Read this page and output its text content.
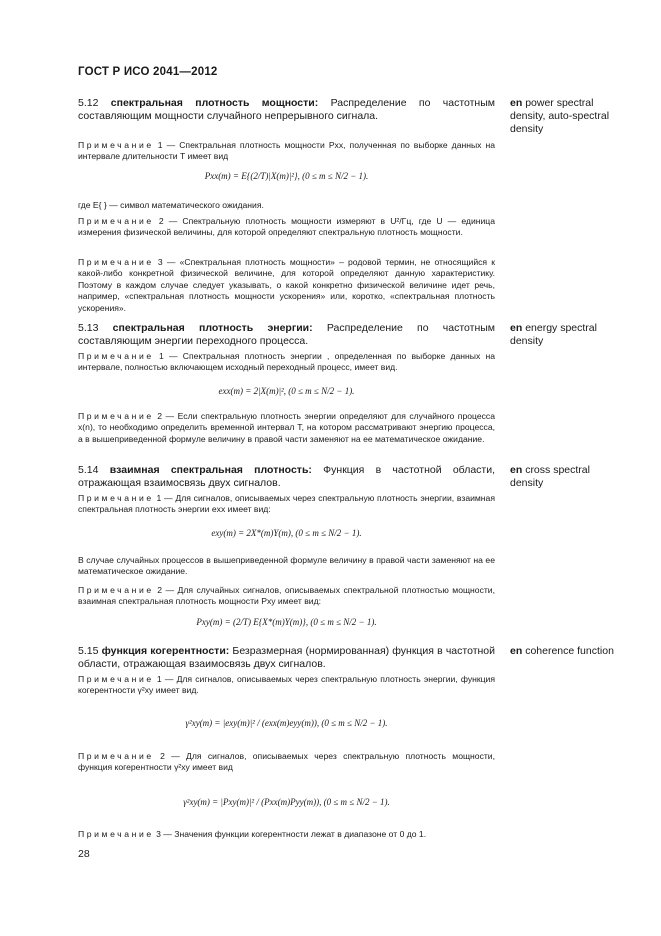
ГОСТ Р ИСО 2041—2012

5.12 спектральная плотность мощности: Распределение по частотным составляющим мощности случайного непрерывного сигнала.

en power spectral density, auto-spectral density

Примечание 1 — Спектральная плотность мощности Pxx, полученная по выборке данных на интервале длительности T имеет вид

Pxx(m) = E{(2/T)|X(m)|²}, (0 ≤ m ≤ N/2 − 1).

где E{ } — символ математического ожидания.

Примечание 2 — Спектральную плотность мощности измеряют в U²/Гц, где U — единица измерения физической величины, для которой определяют спектральную плотность мощности.

Примечание 3 — «Спектральная плотность мощности» – родовой термин, не относящийся к какой-либо конкретной физической величине, для которой определяют данную характеристику. Поэтому в каждом случае следует указывать, о какой конкретно физической величине идет речь, например, «спектральная плотность мощности ускорения» или, коротко, «спектральная плотность ускорения».

5.13 спектральная плотность энергии: Распределение по частотным составляющим энергии переходного процесса.

en energy spectral density

Примечание 1 — Спектральная плотность энергии , определенная по выборке данных на интервале, полностью включающем исходный переходный процесс, имеет вид.

exx(m) = 2|X(m)|², (0 ≤ m ≤ N/2 − 1).

Примечание 2 — Если спектральную плотность энергии определяют для случайного процесса x(n), то необходимо определить временной интервал T, на котором рассматривают энергию процесса, а в вышеприведенной формуле величину в правой части заменяют на ее математическое ожидание.

5.14 взаимная спектральная плотность: Функция в частотной области, отражающая взаимосвязь двух сигналов.

en cross spectral density

Примечание 1 — Для сигналов, описываемых через спектральную плотность энергии, взаимная спектральная плотность энергии exx имеет вид:

exy(m) = 2X*(m)Y(m), (0 ≤ m ≤ N/2 − 1).

В случае случайных процессов в вышеприведенной формуле величину в правой части заменяют на ее математическое ожидание.

Примечание 2 — Для случайных сигналов, описываемых спектральной плотностью мощности, взаимная спектральная плотность мощности Pxy имеет вид:

Pxy(m) = (2/T) E{X*(m)Y(m)}, (0 ≤ m ≤ N/2 − 1).

5.15 функция когерентности: Безразмерная (нормированная) функция в частотной области, отражающая взаимосвязь двух сигналов.

en coherence function

Примечание 1 — Для сигналов, описываемых через спектральную плотность энергии, функция когерентности γ²xy имеет вид.

γ²xy(m) = |exy(m)|² / (exx(m)eyy(m)), (0 ≤ m ≤ N/2 − 1).

Примечание 2 — Для сигналов, описываемых через спектральную плотность мощности, функция когерентности γ²xy имеет вид

γ²xy(m) = |Pxy(m)|² / (Pxx(m)Pyy(m)), (0 ≤ m ≤ N/2 − 1).

Примечание 3 — Значения функции когерентности лежат в диапазоне от 0 до 1.

28
